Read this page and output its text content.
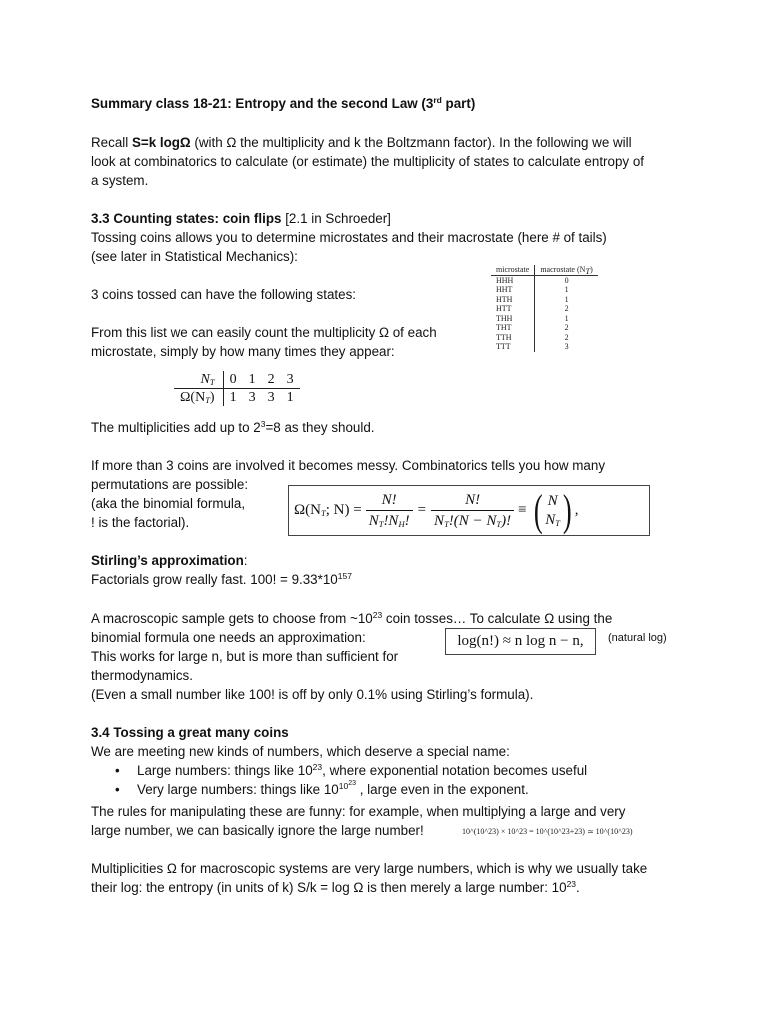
Summary class 18-21: Entropy and the second Law (3rd part)
Recall S=k logΩ (with Ω the multiplicity and k the Boltzmann factor). In the following we will
look at combinatorics to calculate (or estimate) the multiplicity of states to calculate entropy of
a system.
3.3 Counting states: coin flips [2.1 in Schroeder]
Tossing coins allows you to determine microstates and their macrostate (here # of tails)
(see later in Statistical Mechanics):
microstate	macrostate $(N_T)$
HHH	0
HHT	1
HTH	1
HTT	2
THH	1
THT	2
TTH	2
TTT	3
3 coins tossed can have the following states:
From this list we can easily count the multiplicity Ω of each
microstate, simply by how many times they appear:
$N_T$	0	1	2	3
$\Omega(N_T)$	1	3	3	1
The multiplicities add up to $2^3=8$ as they should.
If more than 3 coins are involved it becomes messy. Combinatorics tells you how many
permutations are possible:
(aka the binomial formula,
! is the factorial).
$\Omega(N_T$; $N) = \frac{N!}{N_T!N_H!} = \frac{N!}{N_T!(N - N_T)!}$ ≡ ( N
$N_T$ ) ,
Stirling’s approximation:
Factorials grow really fast. 100! = $9.33*10^{157}$
A macroscopic sample gets to choose from $\sim 10^{23}$ coin tosses… To calculate Ω using the
binomial formula one needs an approximation:
This works for large n, but is more than sufficient for
thermodynamics.
(Even a small number like 100! is off by only 0.1% using Stirling’s formula).
log(n!) ≈ n log n − n,	(natural log)
3.4 Tossing a great many coins
We are meeting new kinds of numbers, which deserve a special name:
• Large numbers: things like $10^{23}$, where exponential notation becomes useful
• Very large numbers: things like $10^{10^{23}}$ , large even in the exponent.
The rules for manipulating these are funny: for example, when multiplying a large and very
large number, we can basically ignore the large number!	10^(10^23) × 10^23 = 10^(10^23+23) ≃ 10^(10^23)
Multiplicities Ω for macroscopic systems are very large numbers, which is why we usually take
their log: the entropy (in units of k) S/k = log Ω is then merely a large number: $10^{23}$.
